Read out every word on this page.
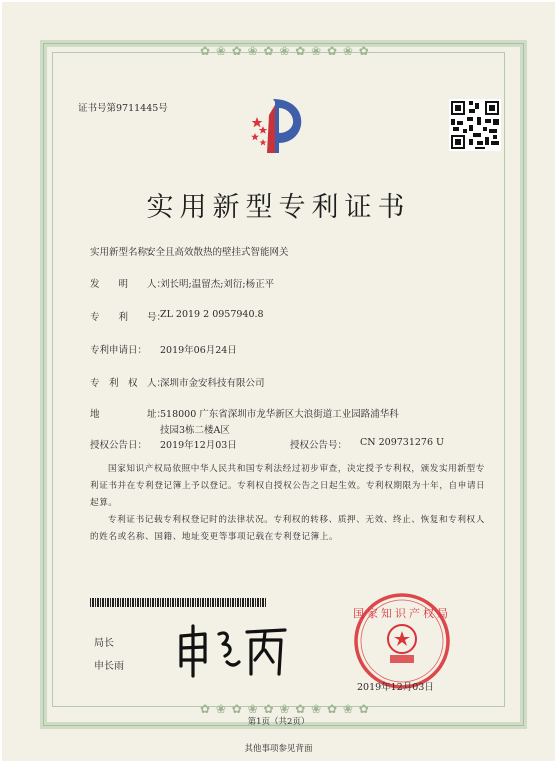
✿ ❀ ✿ ❀ ✿ ❀ ✿ ❀ ✿ ❀ ✿
✿ ❀ ✿ ❀ ✿ ❀ ✿ ❀ ✿ ❀ ✿
证书号第9711445号
实用新型专利证书
实用新型名称：
安全且高效散热的壁挂式智能网关
发　　明　　人：
刘长明;温留杰;刘衍;杨正平
专　　利　　号：
ZL 2019 2 0957940.8
专利申请日： 2019年06月24日
专　利　权　人：
深圳市金安科技有限公司
地　　　　　址：
518000 广东省深圳市龙华新区大浪街道工业园路浦华科
技园3栋二楼A区
授权公告日： 2019年12月03日	授权公告号： CN 209731276 U
国家知识产权局依照中华人民共和国专利法经过初步审查，决定授予专利权，颁发实用新型专利证书并在专利登记簿上予以登记。专利权自授权公告之日起生效。专利权期限为十年，自申请日起算。
专利证书记载专利权登记时的法律状况。专利权的转移、质押、无效、终止、恢复和专利权人的姓名或名称、国籍、地址变更等事项记载在专利登记簿上。
局长
申长雨
国家知识产权局
2019年12月03日
第1页（共2页）
其他事项参见背面
